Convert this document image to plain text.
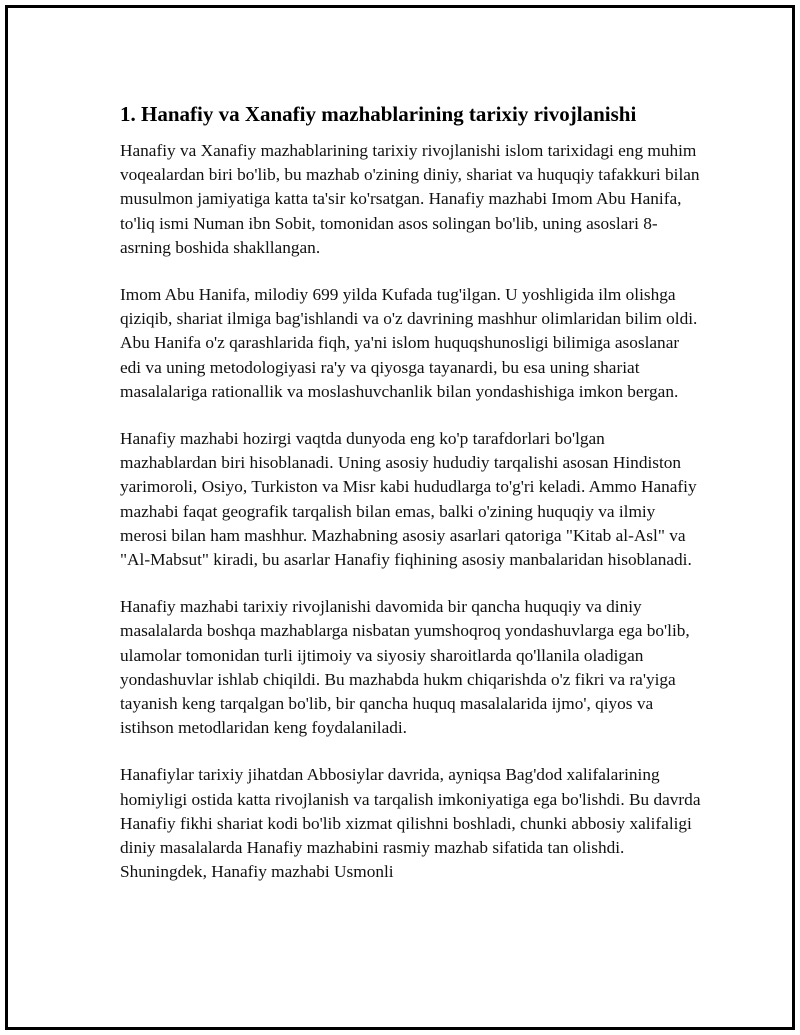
1. Hanafiy va Xanafiy mazhablarining tarixiy rivojlanishi

Hanafiy va Xanafiy mazhablarining tarixiy rivojlanishi islom tarixidagi eng muhim voqealardan biri bo'lib, bu mazhab o'zining diniy, shariat va huquqiy tafakkuri bilan musulmon jamiyatiga katta ta'sir ko'rsatgan. Hanafiy mazhabi Imom Abu Hanifa, to'liq ismi Numan ibn Sobit, tomonidan asos solingan bo'lib, uning asoslari 8-asrning boshida shakllangan.

Imom Abu Hanifa, milodiy 699 yilda Kufada tug'ilgan. U yoshligida ilm olishga qiziqib, shariat ilmiga bag'ishlandi va o'z davrining mashhur olimlaridan bilim oldi. Abu Hanifa o'z qarashlarida fiqh, ya'ni islom huquqshunosligi bilimiga asoslanar edi va uning metodologiyasi ra'y va qiyosga tayanardi, bu esa uning shariat masalalariga rationallik va moslashuvchanlik bilan yondashishiga imkon bergan.

Hanafiy mazhabi hozirgi vaqtda dunyoda eng ko'p tarafdorlari bo'lgan mazhablardan biri hisoblanadi. Uning asosiy hududiy tarqalishi asosan Hindiston yarimoroli, Osiyo, Turkiston va Misr kabi hududlarga to'g'ri keladi. Ammo Hanafiy mazhabi faqat geografik tarqalish bilan emas, balki o'zining huquqiy va ilmiy merosi bilan ham mashhur. Mazhabning asosiy asarlari qatoriga "Kitab al-Asl" va "Al-Mabsut" kiradi, bu asarlar Hanafiy fiqhining asosiy manbalaridan hisoblanadi.

Hanafiy mazhabi tarixiy rivojlanishi davomida bir qancha huquqiy va diniy masalalarda boshqa mazhablarga nisbatan yumshoqroq yondashuvlarga ega bo'lib, ulamolar tomonidan turli ijtimoiy va siyosiy sharoitlarda qo'llanila oladigan yondashuvlar ishlab chiqildi. Bu mazhabda hukm chiqarishda o'z fikri va ra'yiga tayanish keng tarqalgan bo'lib, bir qancha huquq masalalarida ijmo', qiyos va istihson metodlaridan keng foydalaniladi.

Hanafiylar tarixiy jihatdan Abbosiylar davrida, ayniqsa Bag'dod xalifalarining homiyligi ostida katta rivojlanish va tarqalish imkoniyatiga ega bo'lishdi. Bu davrda Hanafiy fikhi shariat kodi bo'lib xizmat qilishni boshladi, chunki abbosiy xalifaligi diniy masalalarda Hanafiy mazhabini rasmiy mazhab sifatida tan olishdi. Shuningdek, Hanafiy mazhabi Usmonli
